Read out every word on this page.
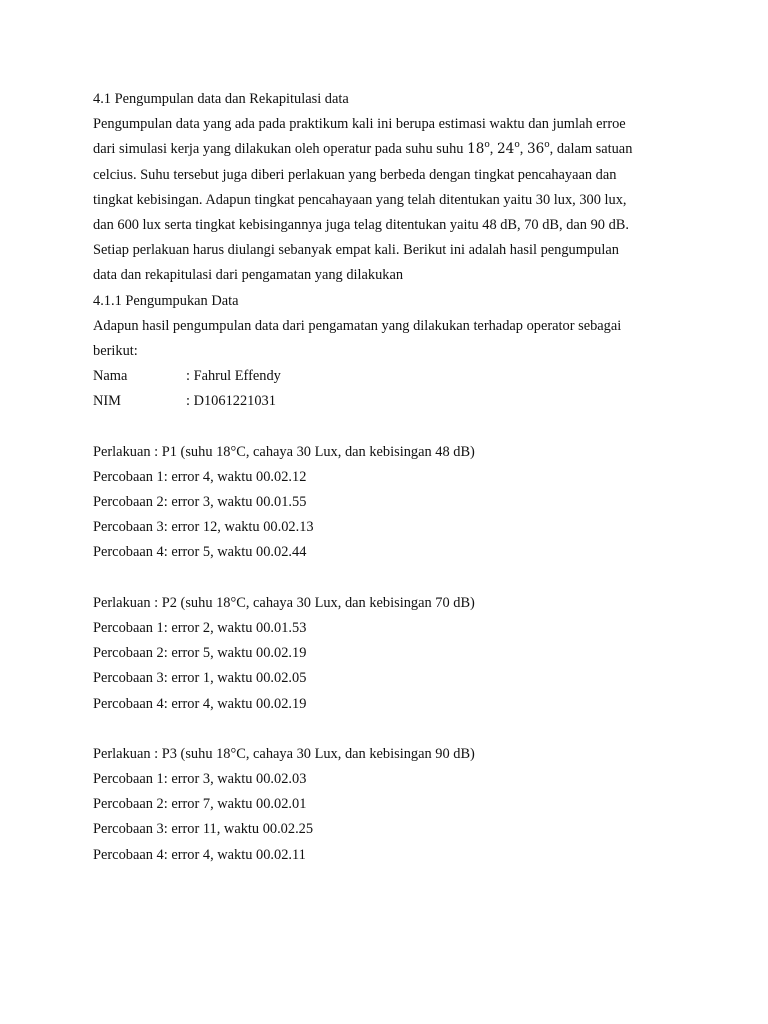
4.1 Pengumpulan data dan Rekapitulasi data
Pengumpulan data yang ada pada praktikum kali ini berupa estimasi waktu dan jumlah erroe
dari simulasi kerja yang dilakukan oleh operatur pada suhu suhu 18$^o$, 24$^o$, 36$^o$, dalam satuan
celcius. Suhu tersebut juga diberi perlakuan yang berbeda dengan tingkat pencahayaan dan
tingkat kebisingan. Adapun tingkat pencahayaan yang telah ditentukan yaitu 30 lux, 300 lux,
dan 600 lux serta tingkat kebisingannya juga telag ditentukan yaitu 48 dB, 70 dB, dan 90 dB.
Setiap perlakuan harus diulangi sebanyak empat kali. Berikut ini adalah hasil pengumpulan
data dan rekapitulasi dari pengamatan yang dilakukan
4.1.1 Pengumpukan Data
Adapun hasil pengumpulan data dari pengamatan yang dilakukan terhadap operator sebagai
berikut:
Nama	: Fahrul Effendy
NIM	: D1061221031
Perlakuan : P1 (suhu 18°C, cahaya 30 Lux, dan kebisingan 48 dB)
Percobaan 1: error 4, waktu 00.02.12
Percobaan 2: error 3, waktu 00.01.55
Percobaan 3: error 12, waktu 00.02.13
Percobaan 4: error 5, waktu 00.02.44
Perlakuan : P2 (suhu 18°C, cahaya 30 Lux, dan kebisingan 70 dB)
Percobaan 1: error 2, waktu 00.01.53
Percobaan 2: error 5, waktu 00.02.19
Percobaan 3: error 1, waktu 00.02.05
Percobaan 4: error 4, waktu 00.02.19
Perlakuan : P3 (suhu 18°C, cahaya 30 Lux, dan kebisingan 90 dB)
Percobaan 1: error 3, waktu 00.02.03
Percobaan 2: error 7, waktu 00.02.01
Percobaan 3: error 11, waktu 00.02.25
Percobaan 4: error 4, waktu 00.02.11
